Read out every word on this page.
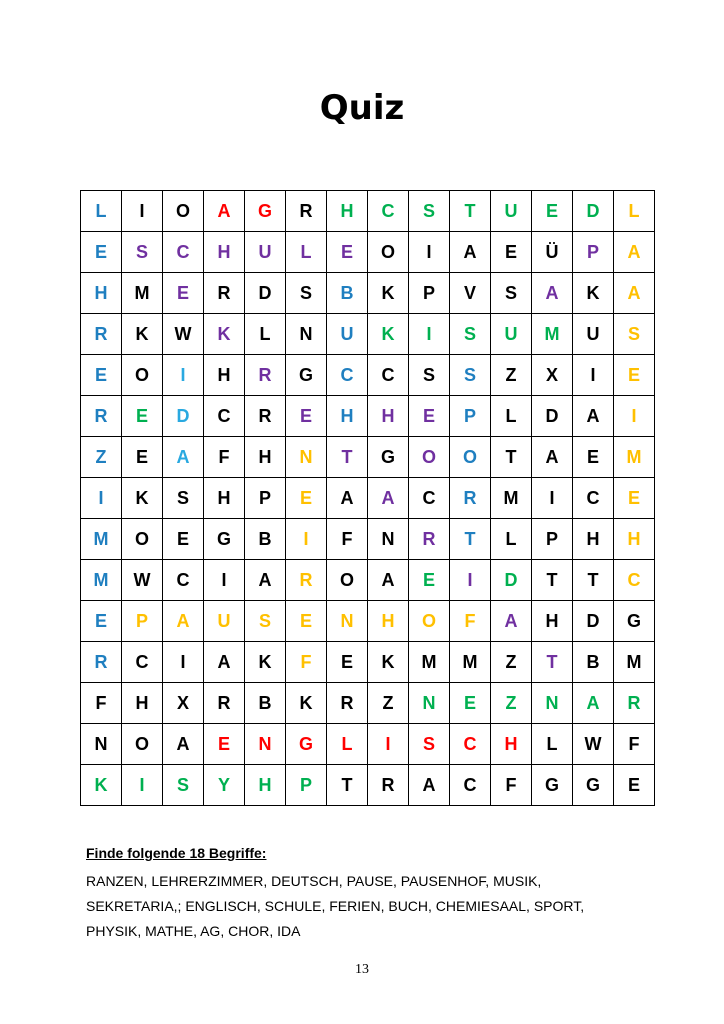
Quiz
L	I	O	A	G	R	H	C	S	T	U	E	D	L
E	S	C	H	U	L	E	O	I	A	E	Ü	P	A
H	M	E	R	D	S	B	K	P	V	S	A	K	A
R	K	W	K	L	N	U	K	I	S	U	M	U	S
E	O	I	H	R	G	C	C	S	S	Z	X	I	E
R	E	D	C	R	E	H	H	E	P	L	D	A	I
Z	E	A	F	H	N	T	G	O	O	T	A	E	M
I	K	S	H	P	E	A	A	C	R	M	I	C	E
M	O	E	G	B	I	F	N	R	T	L	P	H	H
M	W	C	I	A	R	O	A	E	I	D	T	T	C
E	P	A	U	S	E	N	H	O	F	A	H	D	G
R	C	I	A	K	F	E	K	M	M	Z	T	B	M
F	H	X	R	B	K	R	Z	N	E	Z	N	A	R
N	O	A	E	N	G	L	I	S	C	H	L	W	F
K	I	S	Y	H	P	T	R	A	C	F	G	G	E

Finde folgende 18 Begriffe:

RANZEN, LEHRERZIMMER, DEUTSCH, PAUSE, PAUSENHOF, MUSIK,

SEKRETARIA,; ENGLISCH, SCHULE, FERIEN, BUCH, CHEMIESAAL, SPORT,

PHYSIK, MATHE, AG, CHOR, IDA

13
